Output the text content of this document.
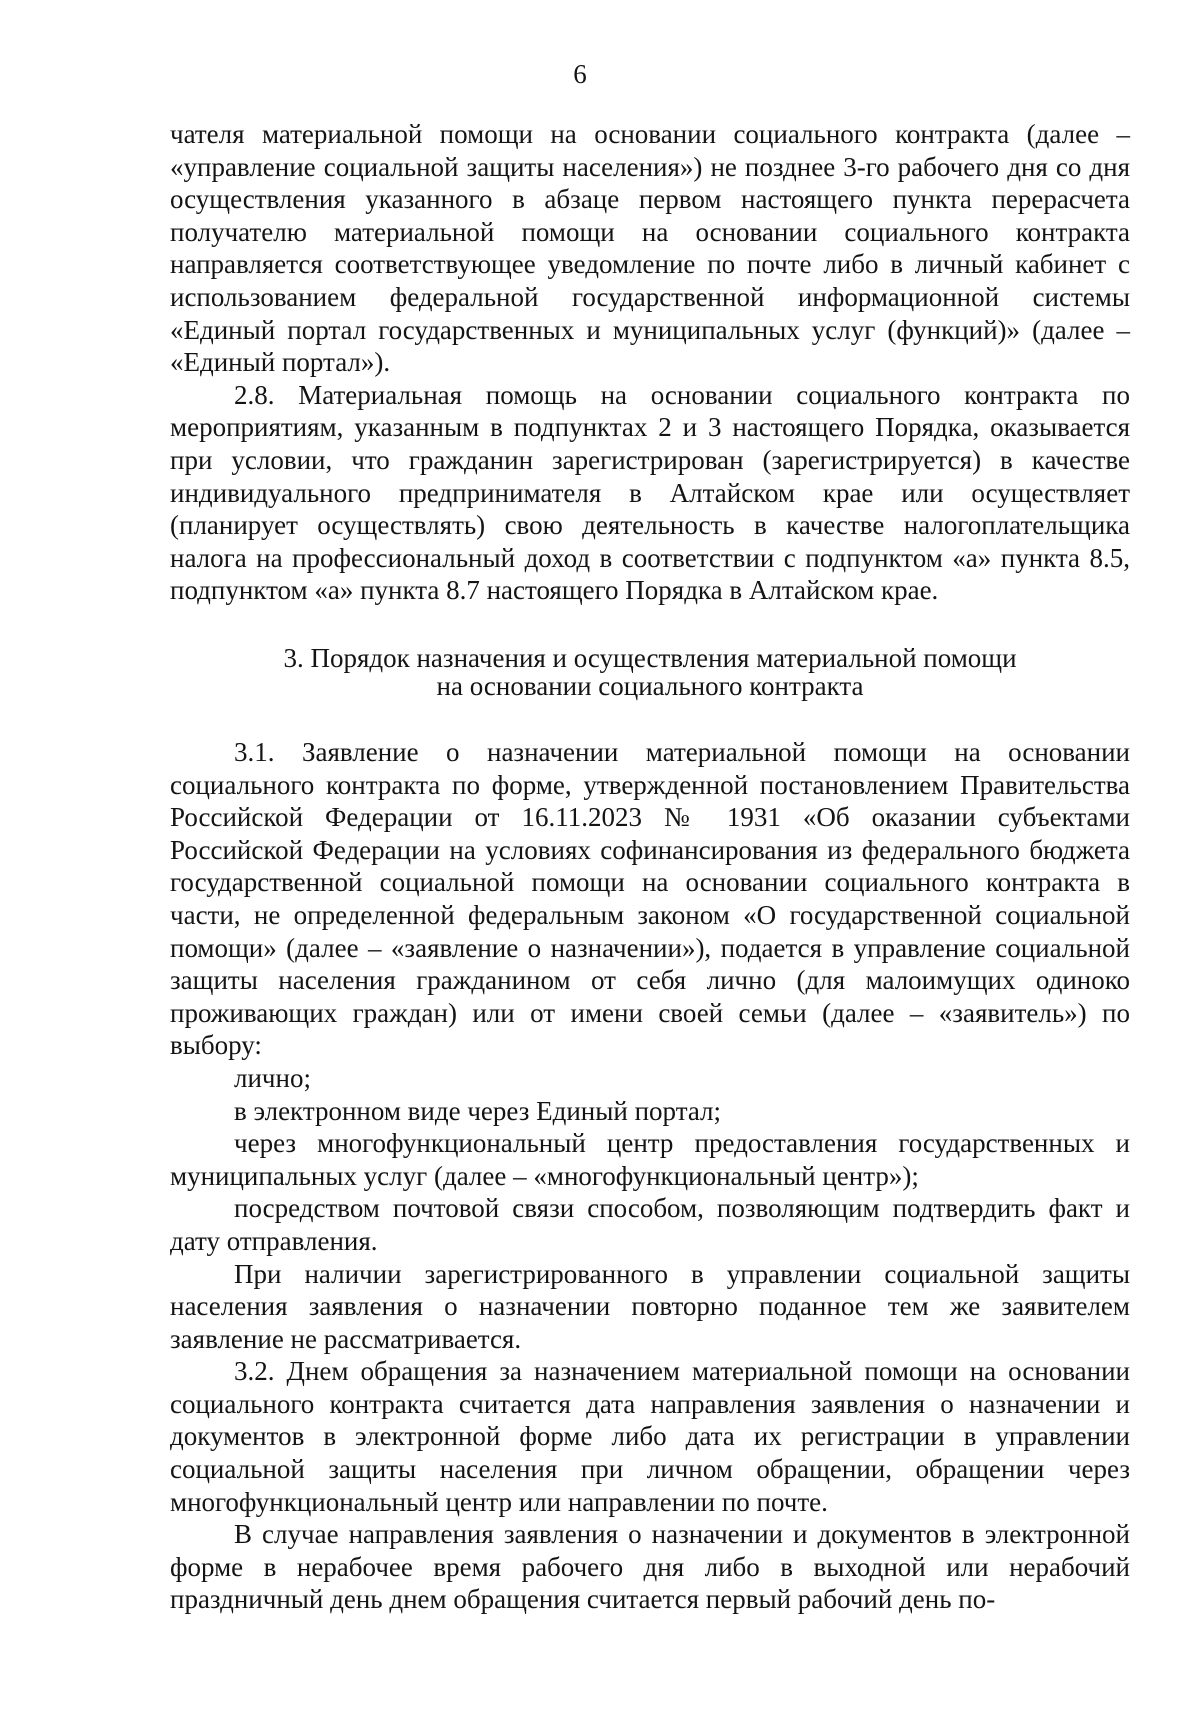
6

чателя материальной помощи на основании социального контракта (далее – «управление социальной защиты населения») не позднее 3-го рабочего дня со дня осуществления указанного в абзаце первом настоящего пункта перерасчета получателю материальной помощи на основании социального контракта направляется соответствующее уведомление по почте либо в личный кабинет с использованием федеральной государственной информационной системы «Единый портал государственных и муниципальных услуг (функций)» (далее – «Единый портал»).

2.8. Материальная помощь на основании социального контракта по мероприятиям, указанным в подпунктах 2 и 3 настоящего Порядка, оказывается при условии, что гражданин зарегистрирован (зарегистрируется) в качестве индивидуального предпринимателя в Алтайском крае или осуществляет (планирует осуществлять) свою деятельность в качестве налогоплательщика налога на профессиональный доход в соответствии с подпунктом «а» пункта 8.5, подпунктом «а» пункта 8.7 настоящего Порядка в Алтайском крае.

3. Порядок назначения и осуществления материальной помощи
на основании социального контракта

3.1. Заявление о назначении материальной помощи на основании социального контракта по форме, утвержденной постановлением Правительства Российской Федерации от 16.11.2023 № 1931 «Об оказании субъектами Российской Федерации на условиях софинансирования из федерального бюджета государственной социальной помощи на основании социального контракта в части, не определенной федеральным законом «О государственной социальной помощи» (далее – «заявление о назначении»), подается в управление социальной защиты населения гражданином от себя лично (для малоимущих одиноко проживающих граждан) или от имени своей семьи (далее – «заявитель») по выбору:

лично;

в электронном виде через Единый портал;

через многофункциональный центр предоставления государственных и муниципальных услуг (далее – «многофункциональный центр»);

посредством почтовой связи способом, позволяющим подтвердить факт и дату отправления.

При наличии зарегистрированного в управлении социальной защиты населения заявления о назначении повторно поданное тем же заявителем заявление не рассматривается.

3.2. Днем обращения за назначением материальной помощи на основании социального контракта считается дата направления заявления о назначении и документов в электронной форме либо дата их регистрации в управлении социальной защиты населения при личном обращении, обращении через многофункциональный центр или направлении по почте.

В случае направления заявления о назначении и документов в электронной форме в нерабочее время рабочего дня либо в выходной или нерабочий праздничный день днем обращения считается первый рабочий день по-
